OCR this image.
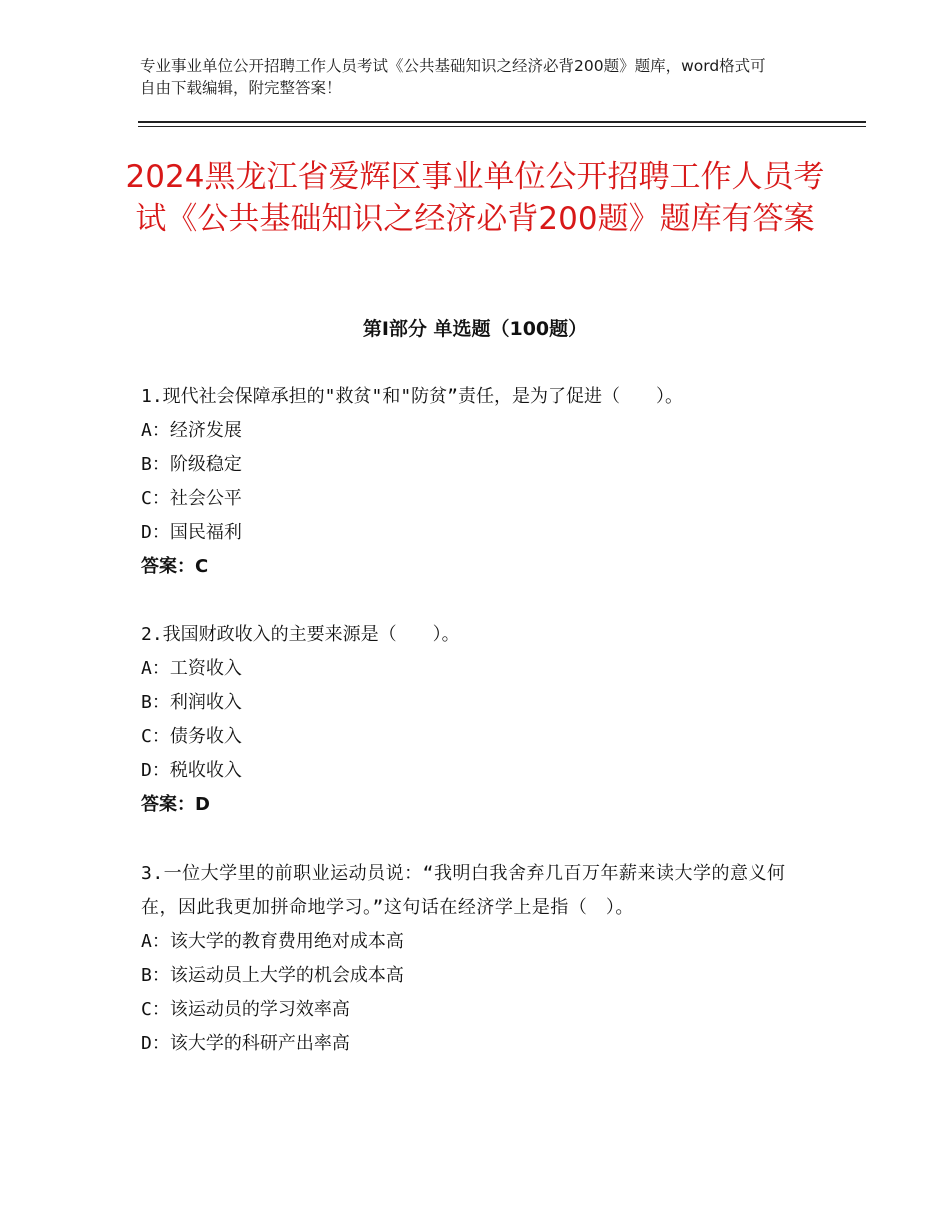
专业事业单位公开招聘工作人员考试《公共基础知识之经济必背200题》题库，word格式可自由下载编辑，附完整答案！
2024黑龙江省爱辉区事业单位公开招聘工作人员考试《公共基础知识之经济必背200题》题库有答案
第Ⅰ部分 单选题（100题）
1.现代社会保障承担的"救贫"和"防贫”责任，是为了促进（　　）。
A：经济发展
B：阶级稳定
C：社会公平
D：国民福利
答案：C
2.我国财政收入的主要来源是（　　）。
A：工资收入
B：利润收入
C：债务收入
D：税收收入
答案：D
3.一位大学里的前职业运动员说：“我明白我舍弃几百万年薪来读大学的意义何在，因此我更加拼命地学习。”这句话在经济学上是指（　）。
A：该大学的教育费用绝对成本高
B：该运动员上大学的机会成本高
C：该运动员的学习效率高
D：该大学的科研产出率高
